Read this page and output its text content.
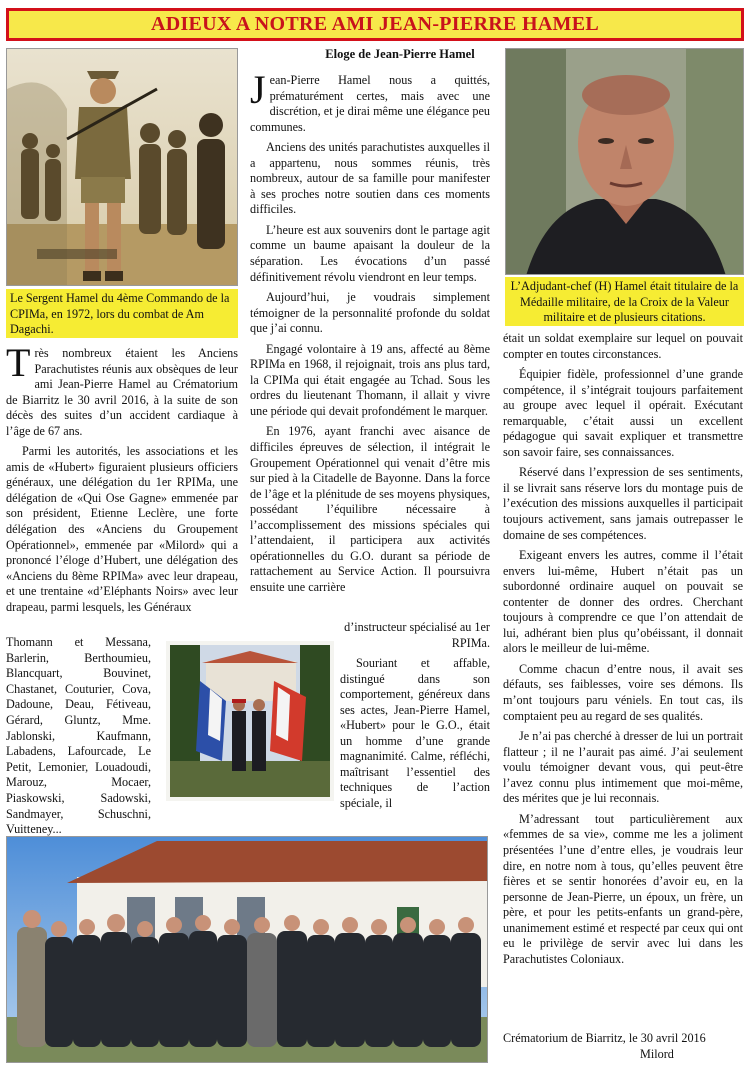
ADIEUX A NOTRE AMI JEAN-PIERRE HAMEL
Le Sergent Hamel du 4ème Commando de la CPIMa, en 1972, lors du combat de Am Dagachi.
L’Adjudant-chef (H) Hamel était titulaire de la Médaille militaire, de la Croix de la Valeur militaire et de plusieurs citations.
Eloge de Jean-Pierre Hamel

Très nombreux étaient les Anciens Parachutistes réunis aux obsèques de leur ami Jean-Pierre Hamel au Crématorium de Biarritz le 30 avril 2016, à la suite de son décès des suites d’un accident cardiaque à l’âge de 67 ans.

Parmi les autorités, les associations et les amis de «Hubert» figuraient plusieurs officiers généraux, une délégation du 1er RPIMa, une délégation de «Qui Ose Gagne» emmenée par son président, Etienne Leclère, une forte délégation des «Anciens du Groupement Opérationnel», emmenée par «Milord» qui a prononcé l’éloge d’Hubert, une délégation des «Anciens du 8ème RPIMa» avec leur drapeau, et une trentaine «d’Eléphants Noirs» avec leur drapeau, parmi lesquels, les Généraux

Thomann et Messana, Barlerin, Berthoumieu, Blancquart, Bouvinet, Chastanet, Couturier, Cova, Dadoune, Deau, Fétiveau, Gérard, Gluntz, Mme. Jablonski, Kaufmann, Labadens, Lafourcade, Le Petit, Lemonier, Louadoudi, Marouz, Mocaer, Piaskowski, Sadowski, Sandmayer, Schuschni, Vuitteney...

Jean-Pierre Hamel nous a quittés, prématurément certes, mais avec une discrétion, et je dirai même une élégance peu communes.

Anciens des unités parachutistes auxquelles il a appartenu, nous sommes réunis, très nombreux, autour de sa famille pour manifester à ses proches notre soutien dans ces moments difficiles.

L’heure est aux souvenirs dont le partage agit comme un baume apaisant la douleur de la séparation. Les évocations d’un passé définitivement révolu viendront en leur temps.

Aujourd’hui, je voudrais simplement témoigner de la personnalité profonde du soldat que j’ai connu.

Engagé volontaire à 19 ans, affecté au 8ème RPIMa en 1968, il rejoignait, trois ans plus tard, la CPIMa qui était engagée au Tchad. Sous les ordres du lieutenant Thomann, il allait y vivre une période qui devait profondément le marquer.

En 1976, ayant franchi avec aisance de difficiles épreuves de sélection, il intégrait le Groupement Opérationnel qui venait d’être mis sur pied à la Citadelle de Bayonne. Dans la force de l’âge et la plénitude de ses moyens physiques, possédant l’équilibre nécessaire à l’accomplissement des missions spéciales qui l’attendaient, il participera aux activités opérationnelles du G.O. durant sa période de rattachement au Service Action. Il poursuivra ensuite une carrière

d’instructeur spécialisé au 1er RPIMa.

Souriant et affable, distingué dans son comportement, généreux dans ses actes, Jean-Pierre Hamel, «Hubert» pour le G.O., était un homme d’une grande magnanimité. Calme, réfléchi, maîtrisant l’essentiel des techniques de l’action spéciale, il

était un soldat exemplaire sur lequel on pouvait compter en toutes circonstances.

Équipier fidèle, professionnel d’une grande compétence, il s’intégrait toujours parfaitement au groupe avec lequel il opérait. Exécutant remarquable, c’était aussi un excellent pédagogue qui savait expliquer et transmettre son savoir faire, ses connaissances.

Réservé dans l’expression de ses sentiments, il se livrait sans réserve lors du montage puis de l’exécution des missions auxquelles il participait toujours activement, sans jamais outrepasser le domaine de ses compétences.

Exigeant envers les autres, comme il l’était envers lui-même, Hubert n’était pas un subordonné ordinaire auquel on pouvait se contenter de donner des ordres. Cherchant toujours à comprendre ce que l’on attendait de lui, adhérant bien plus qu’obéissant, il donnait alors le meilleur de lui-même.

Comme chacun d’entre nous, il avait ses défauts, ses faiblesses, voire ses démons. Ils m’ont toujours paru véniels. En tout cas, ils comptaient peu au regard de ses qualités.

Je n’ai pas cherché à dresser de lui un portrait flatteur ; il ne l’aurait pas aimé. J’ai seulement voulu témoigner devant vous, qui peut-être l’avez connu plus intimement que moi-même, des mérites que je lui reconnais.

M’adressant tout particulièrement aux «femmes de sa vie», comme me les a joliment présentées l’une d’entre elles, je voudrais leur dire, en notre nom à tous, qu’elles peuvent être fières et se sentir honorées d’avoir eu, en la personne de Jean-Pierre, un époux, un frère, un père, et pour les petits-enfants un grand-père, unanimement estimé et respecté par ceux qui ont eu le privilège de servir avec lui dans les Parachutistes Coloniaux.

Crématorium de Biarritz, le 30 avril 2016
Milord
